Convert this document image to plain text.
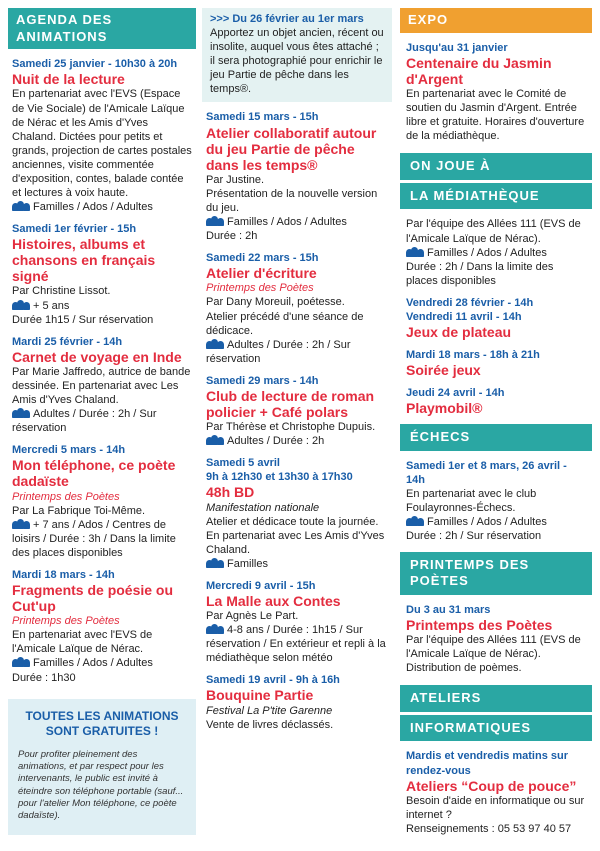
AGENDA DES ANIMATIONS
Samedi 25 janvier - 10h30 à 20h
Nuit de la lecture
En partenariat avec l'EVS (Espace de Vie Sociale) de l'Amicale Laïque de Nérac et les Amis d'Yves Chaland. Dictées pour petits et grands, projection de cartes postales anciennes, visite commentée d'exposition, contes, balade contée et lectures à voix haute.
Familles / Ados / Adultes
Samedi 1er février - 15h
Histoires, albums et chansons en français signé
Par Christine Lissot.
+ 5 ans
Durée 1h15 / Sur réservation
Mardi 25 février - 14h
Carnet de voyage en Inde
Par Marie Jaffredo, autrice de bande dessinée. En partenariat avec Les Amis d'Yves Chaland.
Adultes / Durée : 2h / Sur réservation
Mercredi 5 mars - 14h
Mon téléphone, ce poète dadaïste
Printemps des Poètes
Par La Fabrique Toi-Même.
+ 7 ans / Ados / Centres de loisirs / Durée : 3h / Dans la limite des places disponibles
Mardi 18 mars - 14h
Fragments de poésie ou Cut'up
Printemps des Poètes
En partenariat avec l'EVS de l'Amicale Laïque de Nérac.
Familles / Ados / Adultes
Durée : 1h30
TOUTES LES ANIMATIONS SONT GRATUITES !
Pour profiter pleinement des animations, et par respect pour les intervenants, le public est invité à éteindre son téléphone portable (sauf... pour l'atelier Mon téléphone, ce poète dadaïste).
>>> Du 26 février au 1er mars
Apportez un objet ancien, récent ou insolite, auquel vous êtes attaché ; il sera photographié pour enrichir le jeu Partie de pêche dans les temps®.
Samedi 15 mars - 15h
Atelier collaboratif autour du jeu Partie de pêche dans les temps®
Par Justine.
Présentation de la nouvelle version du jeu.
Familles / Ados / Adultes
Durée : 2h
Samedi 22 mars - 15h
Atelier d'écriture
Printemps des Poètes
Par Dany Moreuil, poétesse.
Atelier précédé d'une séance de dédicace.
Adultes / Durée : 2h / Sur réservation
Samedi 29 mars - 14h
Club de lecture de roman policier + Café polars
Par Thérèse et Christophe Dupuis.
Adultes / Durée : 2h
Samedi 5 avril
9h à 12h30 et 13h30 à 17h30
48h BD
Manifestation nationale
Atelier et dédicace toute la journée. En partenariat avec Les Amis d'Yves Chaland.
Familles
Mercredi 9 avril - 15h
La Malle aux Contes
Par Agnès Le Part.
4-8 ans / Durée : 1h15 / Sur réservation / En extérieur et repli à la médiathèque selon météo
Samedi 19 avril - 9h à 16h
Bouquine Partie
Festival La P'tite Garenne
Vente de livres déclassés.
EXPO
Jusqu'au 31 janvier
Centenaire du Jasmin d'Argent
En partenariat avec le Comité de soutien du Jasmin d'Argent. Entrée libre et gratuite. Horaires d'ouverture de la médiathèque.
ON JOUE À
LA MÉDIATHÈQUE
Par l'équipe des Allées 111 (EVS de l'Amicale Laïque de Nérac).
Familles / Ados / Adultes
Durée : 2h / Dans la limite des places disponibles
Vendredi 28 février - 14h
Vendredi 11 avril - 14h
Jeux de plateau
Mardi 18 mars - 18h à 21h
Soirée jeux
Jeudi 24 avril - 14h
Playmobil®
ÉCHECS
Samedi 1er et 8 mars, 26 avril - 14h
En partenariat avec le club Foulayronnes-Échecs.
Familles / Ados / Adultes
Durée : 2h / Sur réservation
PRINTEMPS DES POÈTES
Du 3 au 31 mars
Printemps des Poètes
Par l'équipe des Allées 111 (EVS de l'Amicale Laïque de Nérac). Distribution de poèmes.
ATELIERS
INFORMATIQUES
Mardis et vendredis matins sur rendez-vous
Ateliers “Coup de pouce”
Besoin d'aide en informatique ou sur internet ?
Renseignements : 05 53 97 40 57
